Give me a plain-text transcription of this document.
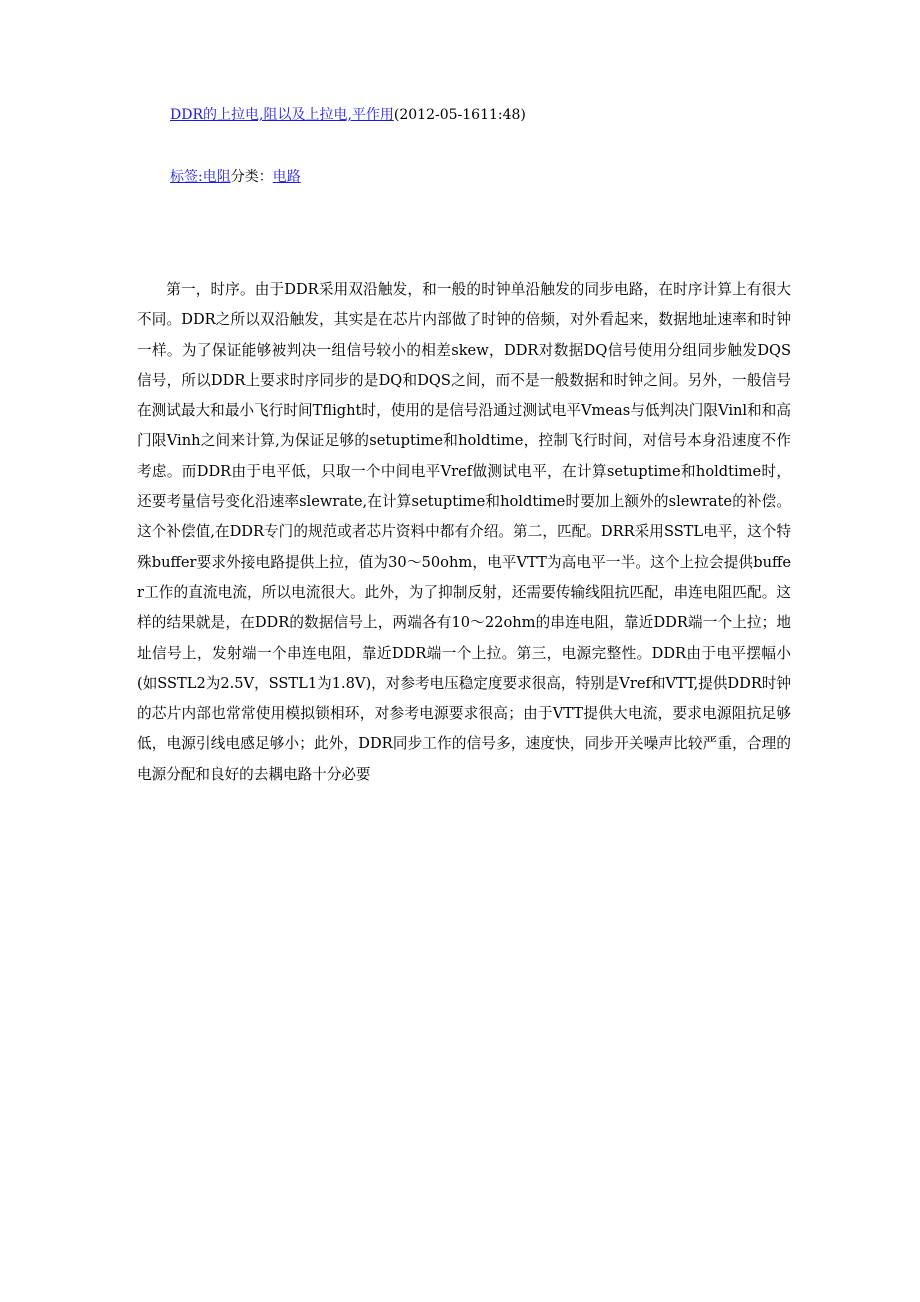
DDR的上拉电,阻以及上拉电,平作用(2012-05-1611:48)
标签:电阻分类：电路

第一，时序。由于DDR采用双沿触发，和一般的时钟单沿触发的同步电路，在时序计算上有很大不同。DDR之所以双沿触发，其实是在芯片内部做了时钟的倍频，对外看起来，数据地址速率和时钟一样。为了保证能够被判决一组信号较小的相差skew，DDR对数据DQ信号使用分组同步触发DQS信号，所以DDR上要求时序同步的是DQ和DQS之间，而不是一般数据和时钟之间。另外，一般信号在测试最大和最小飞行时间Tflight时，使用的是信号沿通过测试电平Vmeas与低判决门限Vinl和和高门限Vinh之间来计算,为保证足够的setuptime和holdtime，控制飞行时间，对信号本身沿速度不作考虑。而DDR由于电平低，只取一个中间电平Vref做测试电平，在计算setuptime和holdtime时，还要考量信号变化沿速率slewrate,在计算setuptime和holdtime时要加上额外的slewrate的补偿。这个补偿值,在DDR专门的规范或者芯片资料中都有介绍。第二，匹配。DRR采用SSTL电平，这个特殊buffer要求外接电路提供上拉，值为30～50ohm，电平VTT为高电平一半。这个上拉会提供buffer工作的直流电流，所以电流很大。此外，为了抑制反射，还需要传输线阻抗匹配，串连电阻匹配。这样的结果就是，在DDR的数据信号上，两端各有10～22ohm的串连电阻，靠近DDR端一个上拉；地址信号上，发射端一个串连电阻，靠近DDR端一个上拉。第三，电源完整性。DDR由于电平摆幅小(如SSTL2为2.5V，SSTL1为1.8V)，对参考电压稳定度要求很高，特别是Vref和VTT,提供DDR时钟的芯片内部也常常使用模拟锁相环，对参考电源要求很高；由于VTT提供大电流，要求电源阻抗足够低，电源引线电感足够小；此外，DDR同步工作的信号多，速度快，同步开关噪声比较严重，合理的电源分配和良好的去耦电路十分必要
